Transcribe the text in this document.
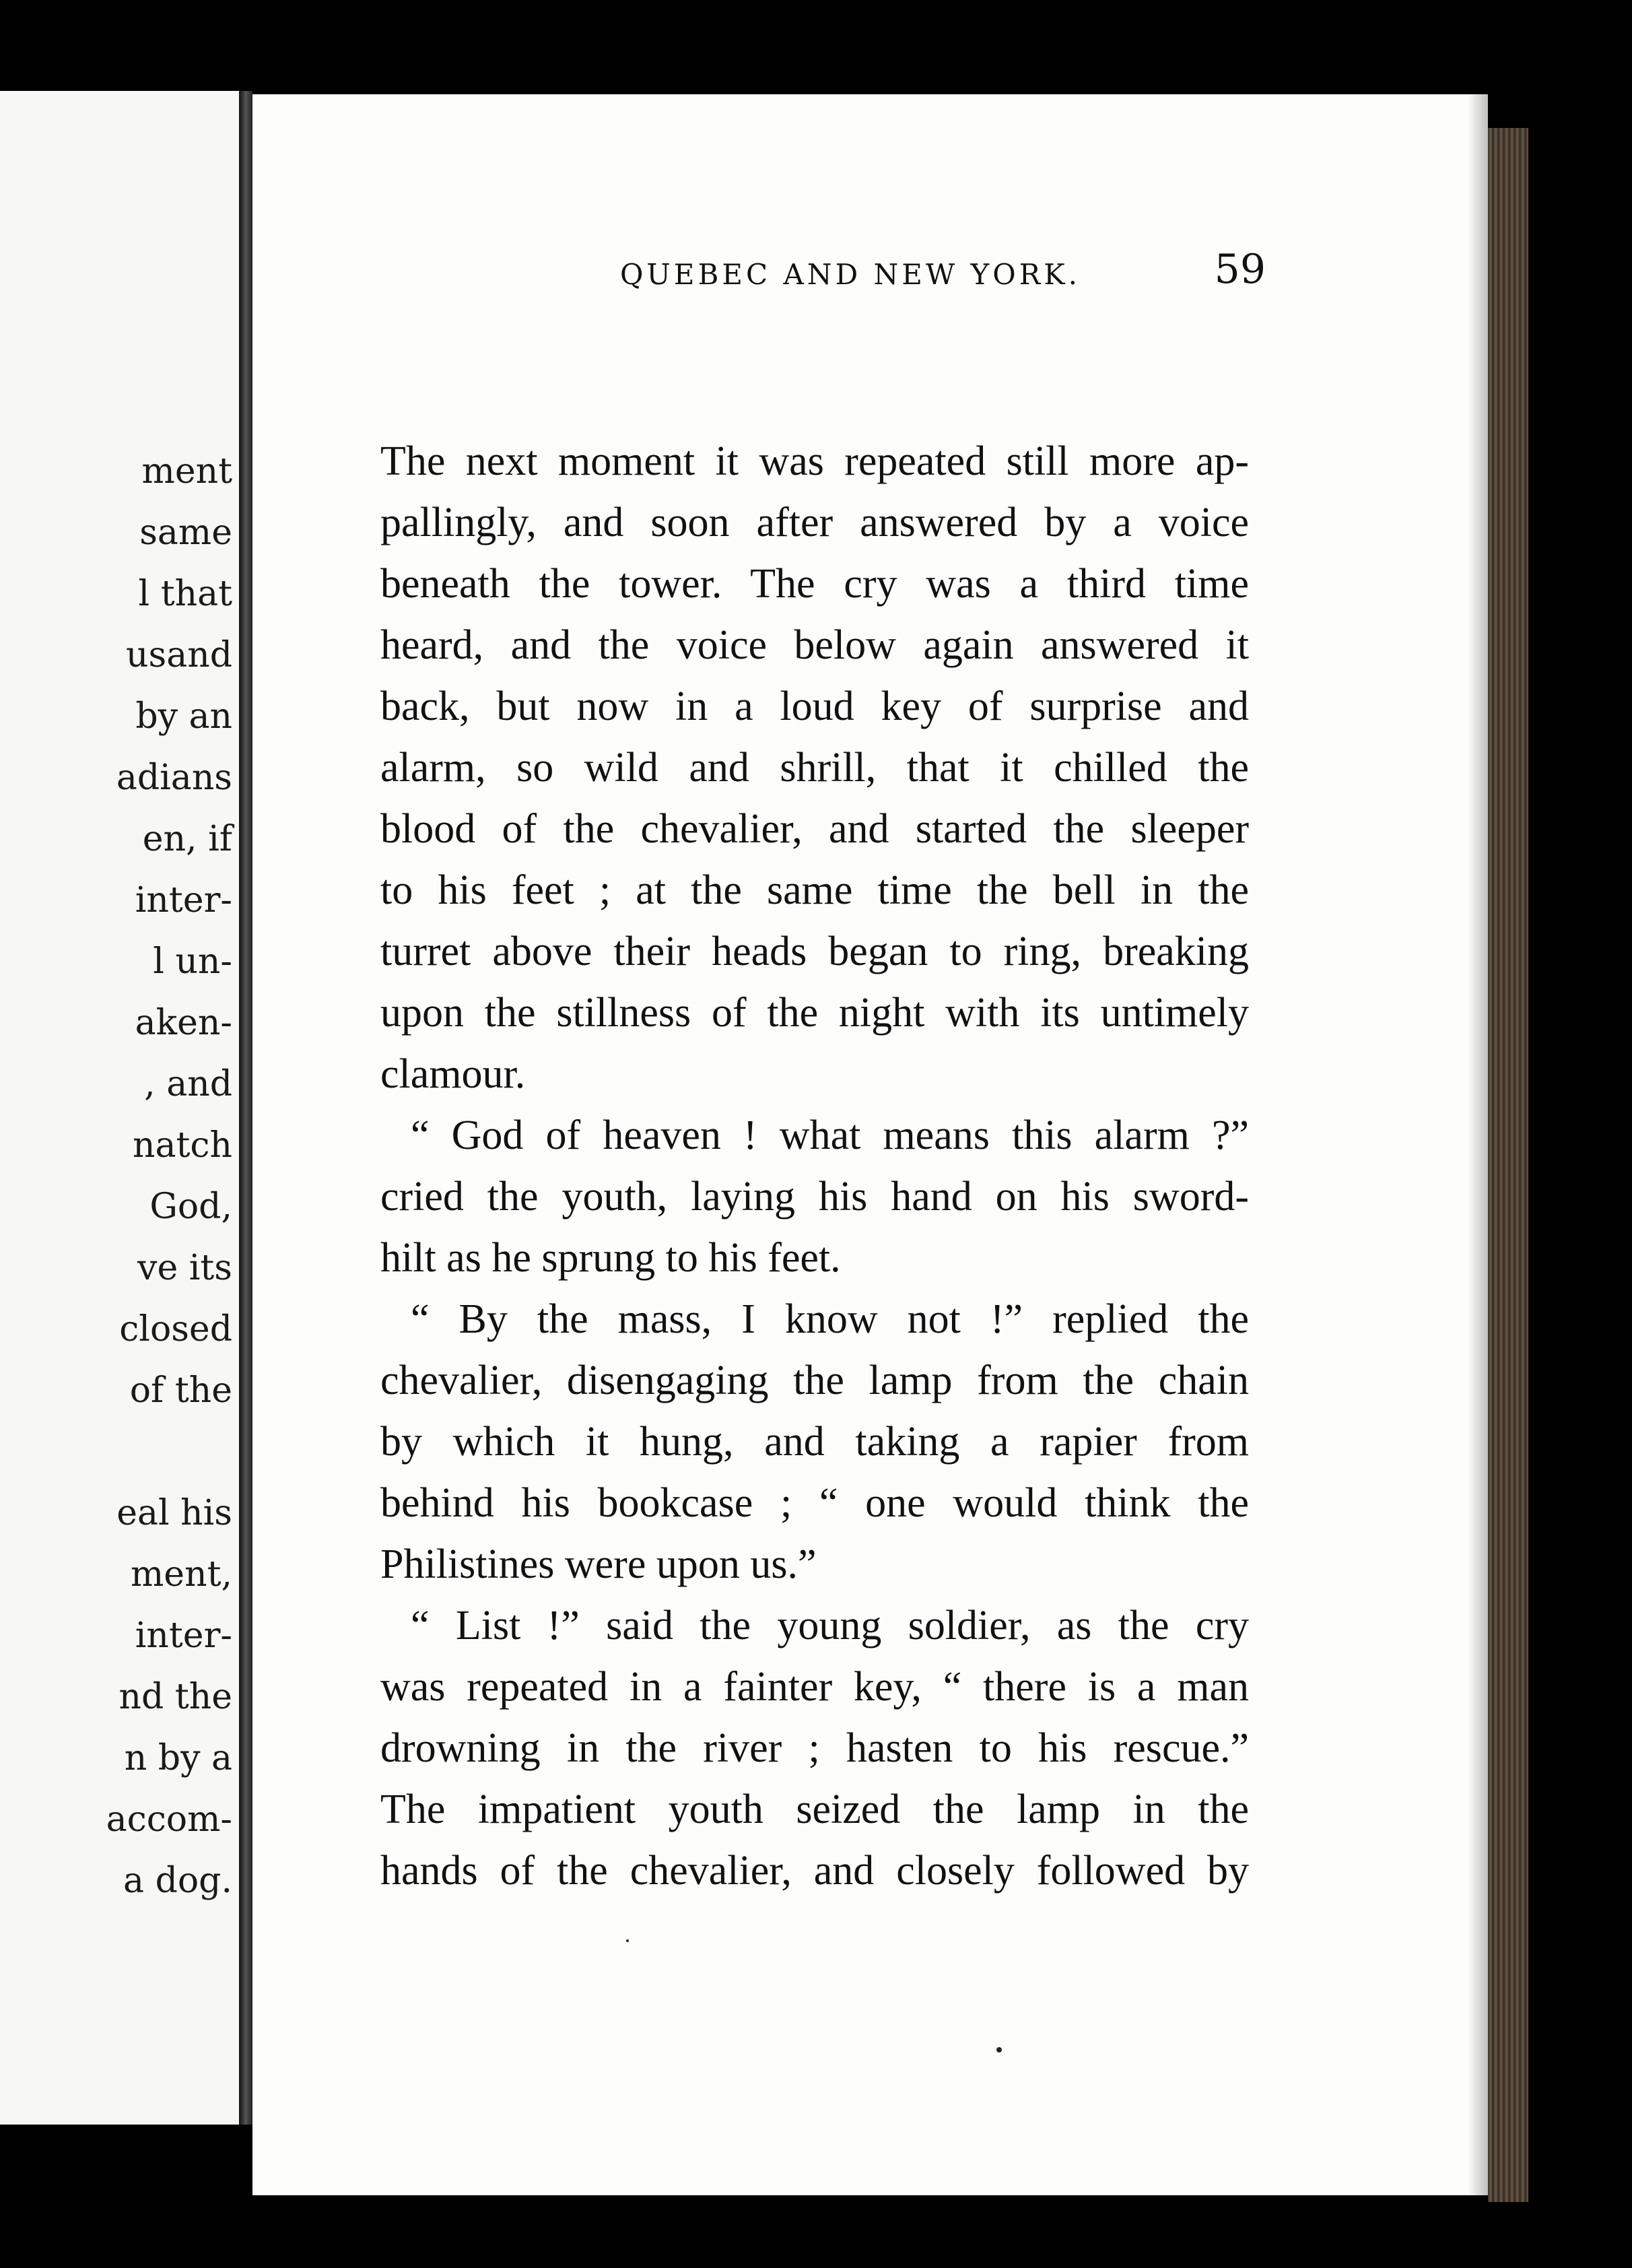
ment
same
l that
usand
by an
adians
en, if
inter-
l un-
aken-
, and
natch
God,
ve its
closed
of the
eal his
ment,
inter-
nd the
n by a
accom-
a dog.
QUEBEC AND NEW YORK.	59
The next moment it was repeated still more ap-
pallingly, and soon after answered by a voice
beneath the tower. The cry was a third time
heard, and the voice below again answered it
back, but now in a loud key of surprise and
alarm, so wild and shrill, that it chilled the
blood of the chevalier, and started the sleeper
to his feet ; at the same time the bell in the
turret above their heads began to ring, breaking
upon the stillness of the night with its untimely
clamour.
“ God of heaven ! what means this alarm ?”
cried the youth, laying his hand on his sword-
hilt as he sprung to his feet.
“ By the mass, I know not !” replied the
chevalier, disengaging the lamp from the chain
by which it hung, and taking a rapier from
behind his bookcase ; “ one would think the
Philistines were upon us.”
“ List !” said the young soldier, as the cry
was repeated in a fainter key, “ there is a man
drowning in the river ; hasten to his rescue.”
The impatient youth seized the lamp in the
hands of the chevalier, and closely followed by
